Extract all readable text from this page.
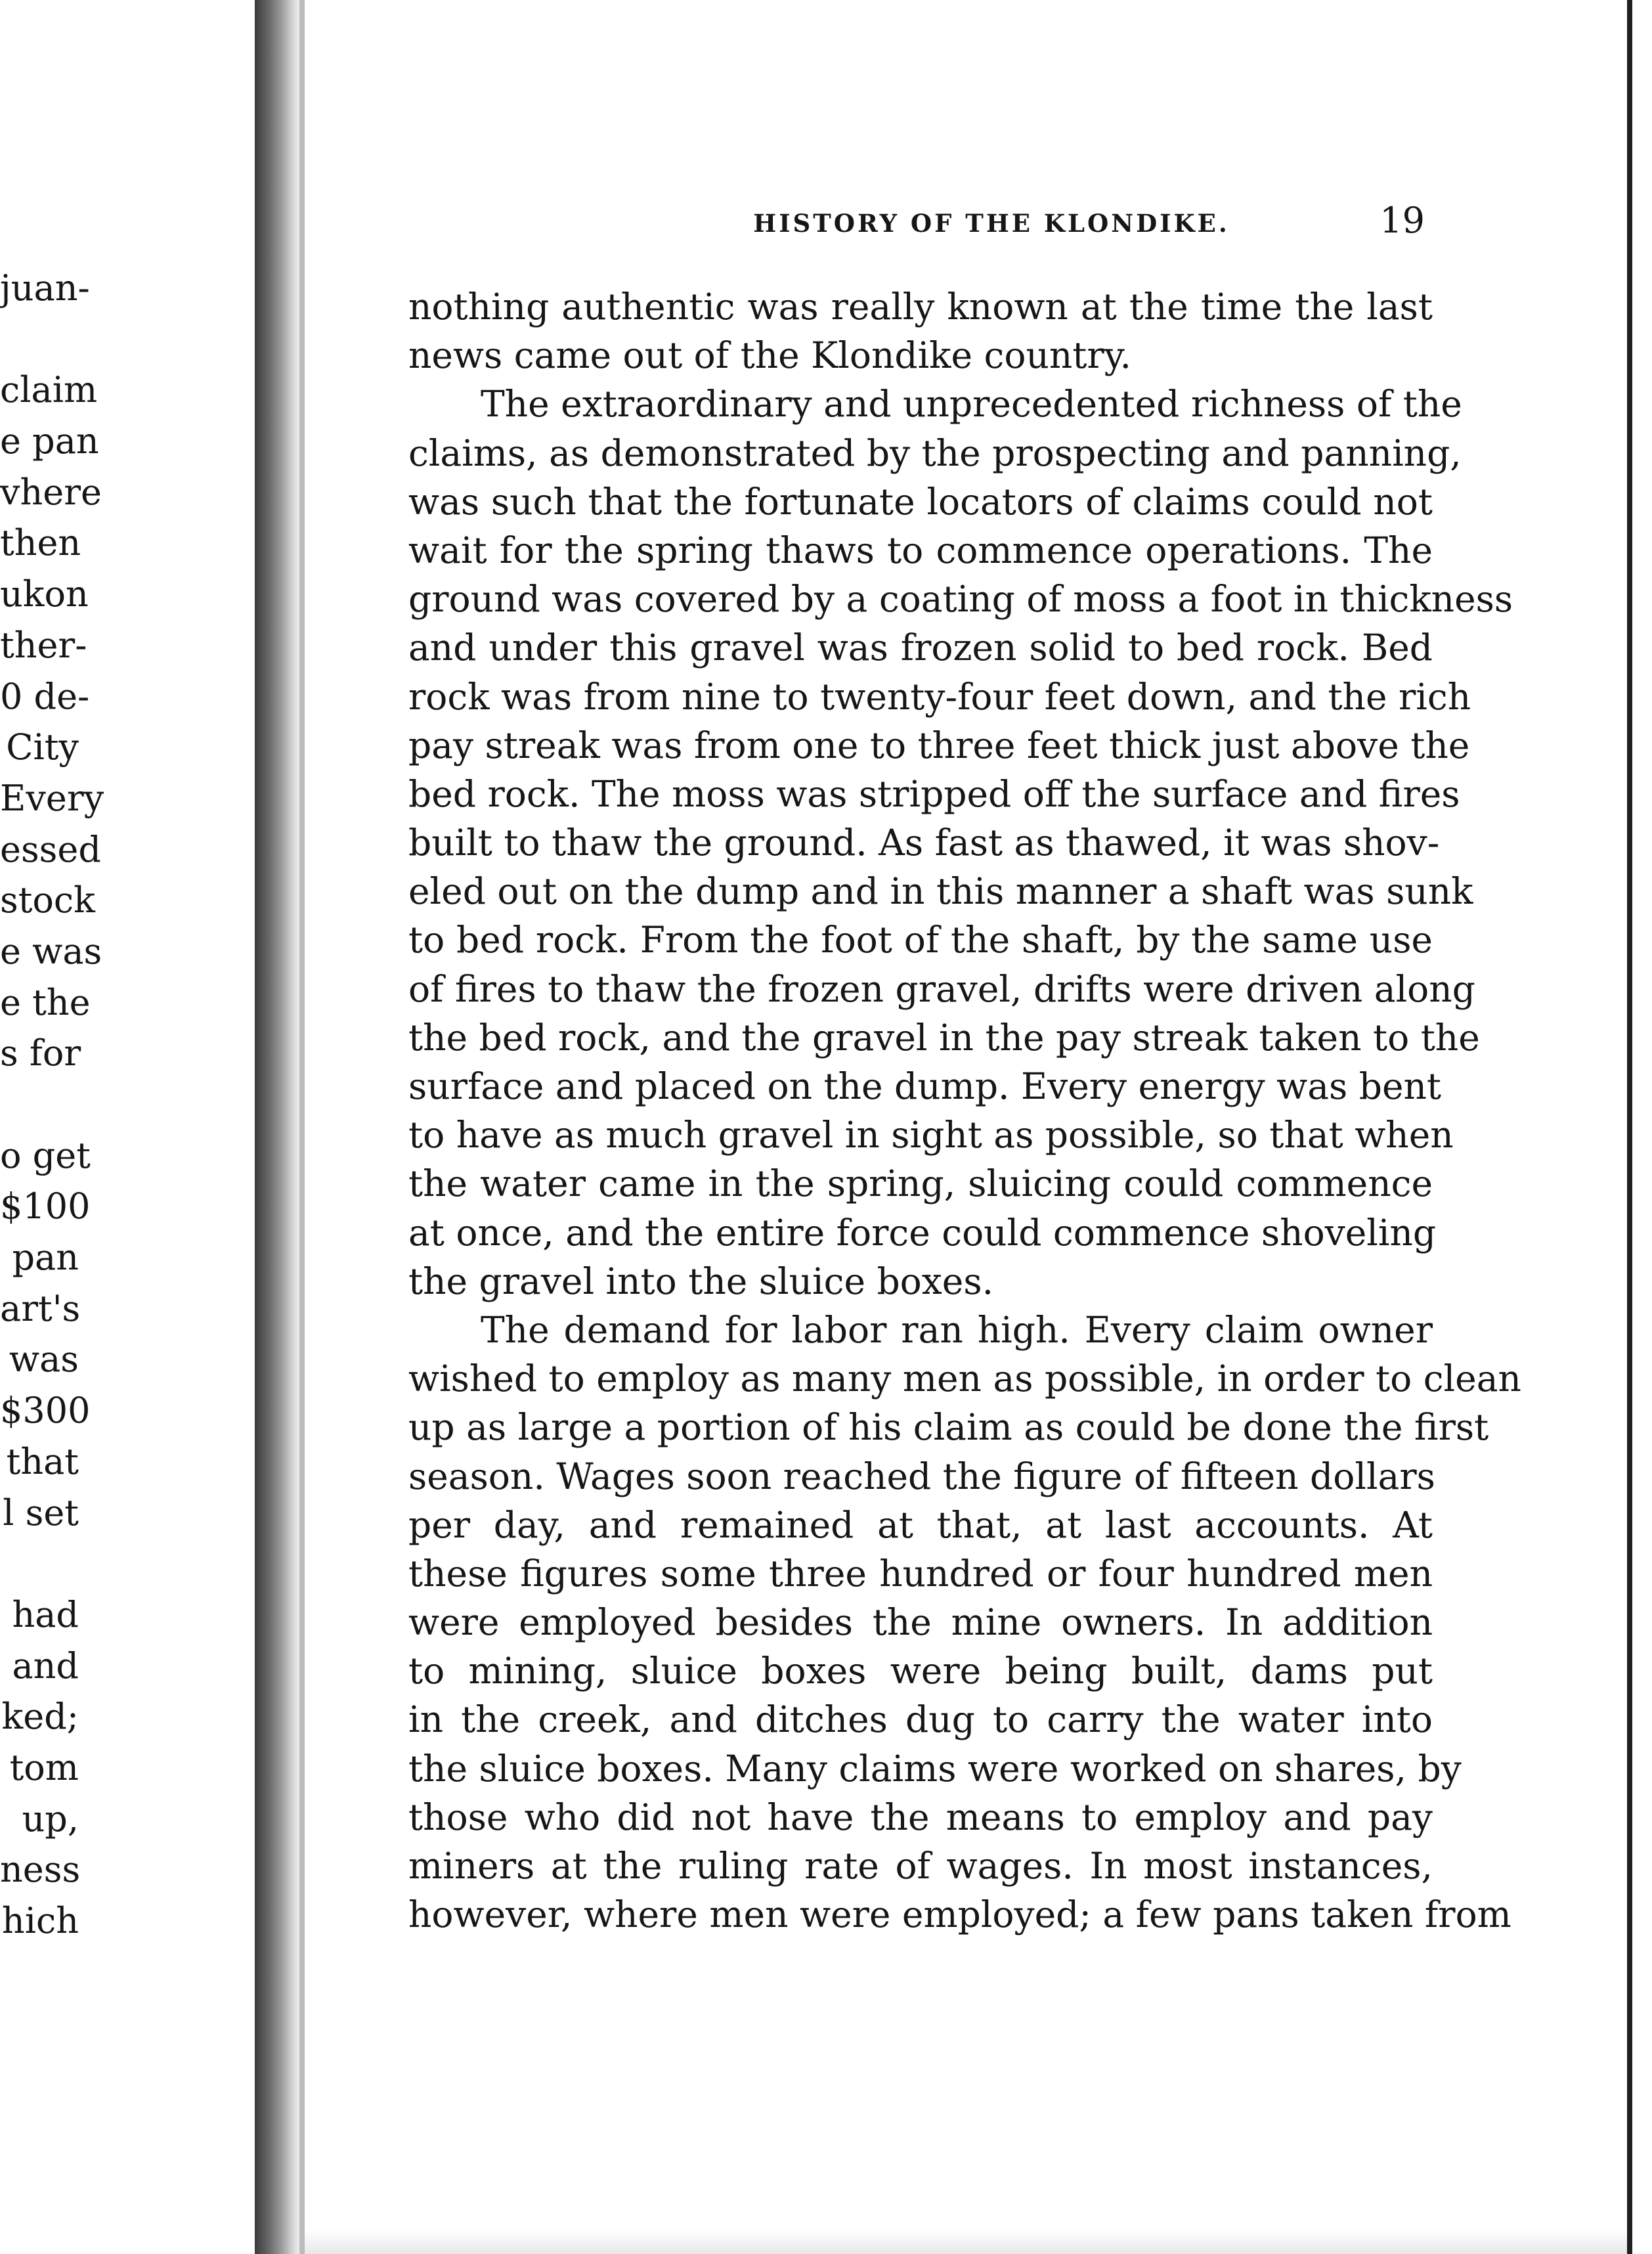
juan-
claim
e pan
vhere
then
ukon
ther-
0 de-
City
Every
essed
stock
e was
e the
s for
o get
$100
pan
art's
was
$300
that
l set
had
and
ked;
tom
up,
ness
hich
HISTORY OF THE KLONDIKE.	19
nothing authentic was really known at the time the last
news came out of the Klondike country.
The extraordinary and unprecedented richness of the
claims, as demonstrated by the prospecting and panning,
was such that the fortunate locators of claims could not
wait for the spring thaws to commence operations. The
ground was covered by a coating of moss a foot in thickness
and under this gravel was frozen solid to bed rock. Bed
rock was from nine to twenty-four feet down, and the rich
pay streak was from one to three feet thick just above the
bed rock. The moss was stripped off the surface and fires
built to thaw the ground. As fast as thawed, it was shov-
eled out on the dump and in this manner a shaft was sunk
to bed rock. From the foot of the shaft, by the same use
of fires to thaw the frozen gravel, drifts were driven along
the bed rock, and the gravel in the pay streak taken to the
surface and placed on the dump. Every energy was bent
to have as much gravel in sight as possible, so that when
the water came in the spring, sluicing could commence
at once, and the entire force could commence shoveling
the gravel into the sluice boxes.
The demand for labor ran high. Every claim owner
wished to employ as many men as possible, in order to clean
up as large a portion of his claim as could be done the first
season. Wages soon reached the figure of fifteen dollars
per day, and remained at that, at last accounts. At
these figures some three hundred or four hundred men
were employed besides the mine owners. In addition
to mining, sluice boxes were being built, dams put
in the creek, and ditches dug to carry the water into
the sluice boxes. Many claims were worked on shares, by
those who did not have the means to employ and pay
miners at the ruling rate of wages. In most instances,
however, where men were employed; a few pans taken from
